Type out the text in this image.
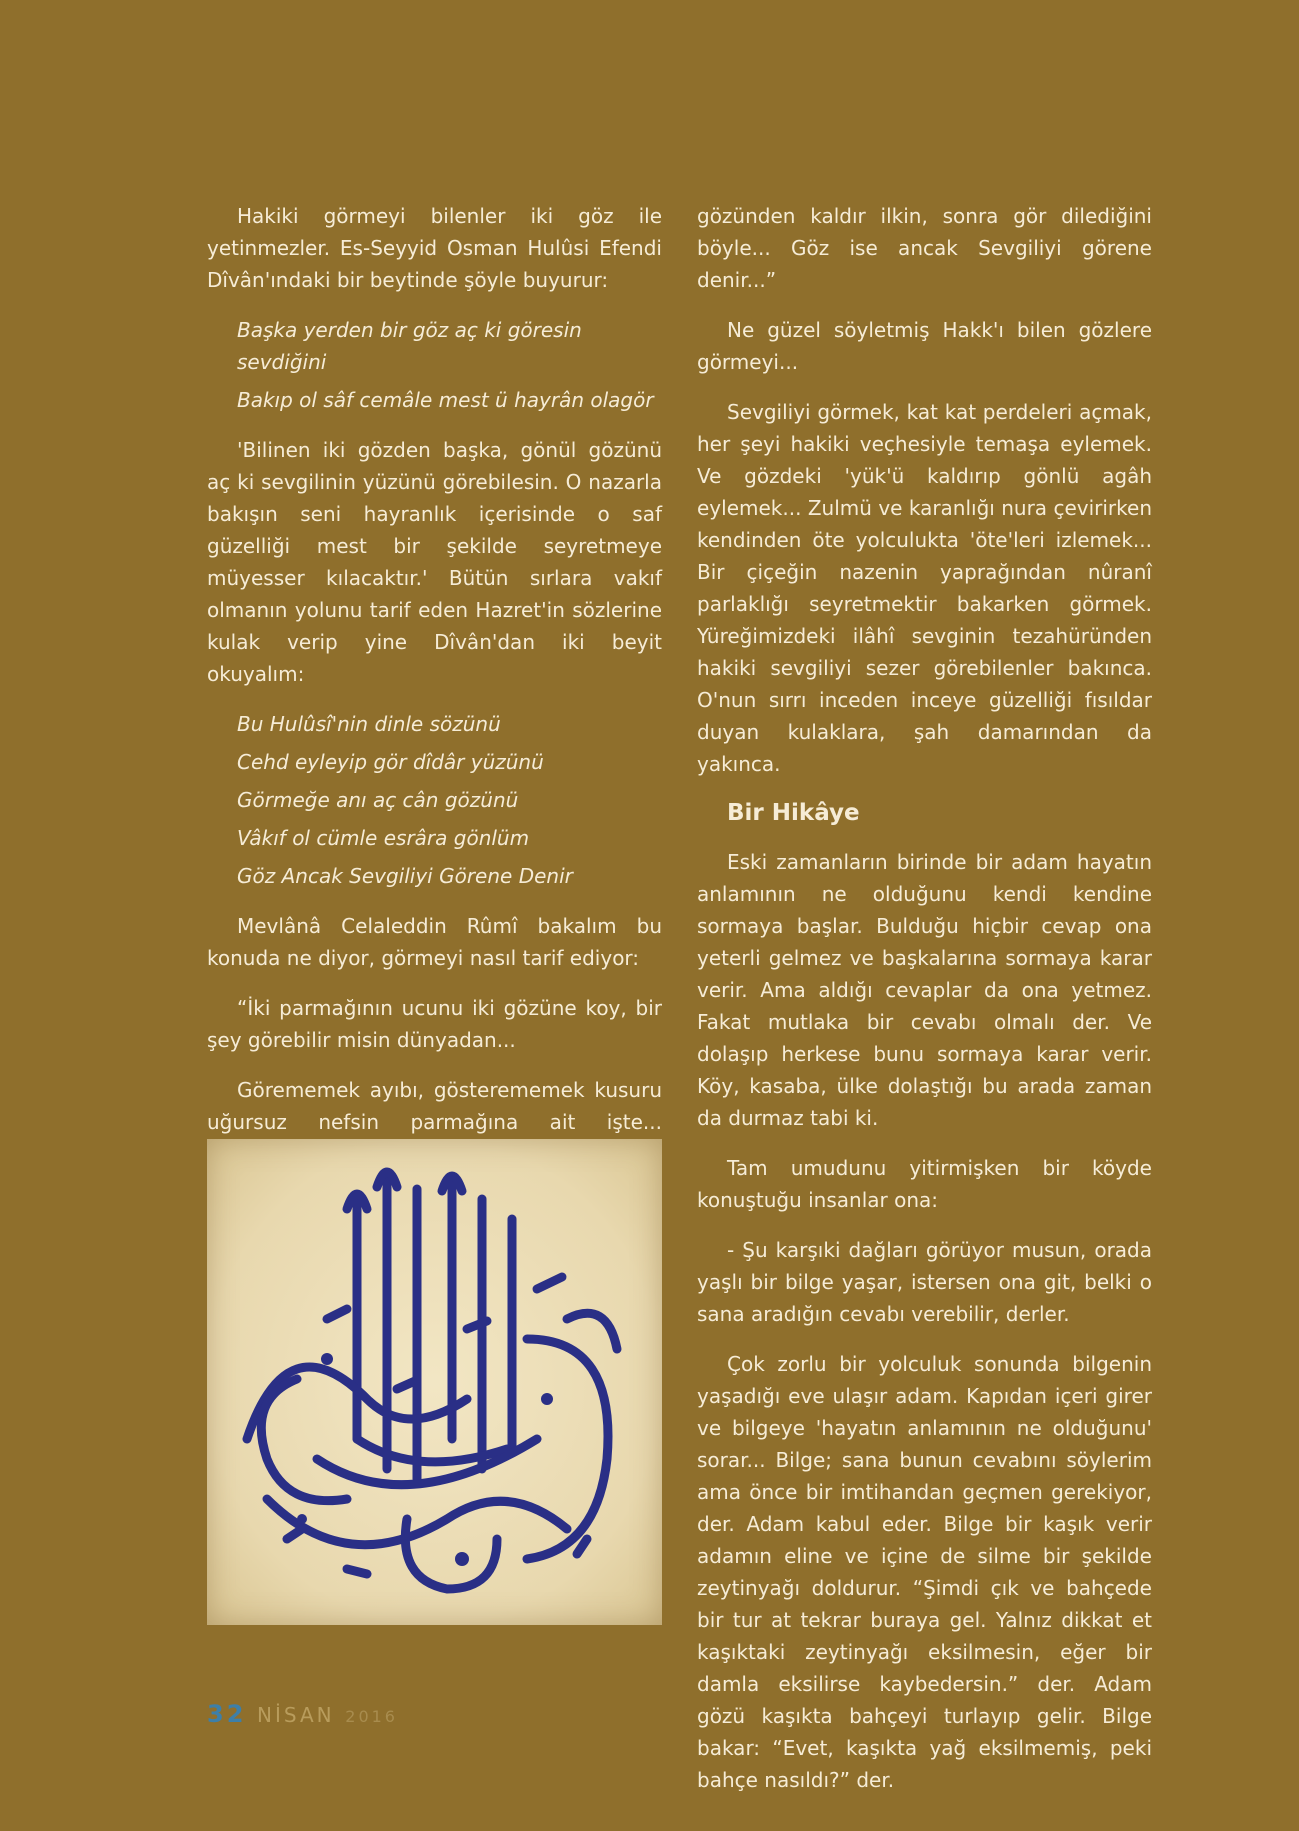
Hakiki görmeyi bilenler iki göz ile yetinmezler. Es-Seyyid Osman Hulûsi Efendi Dîvân'ındaki bir beytinde şöyle buyurur:

Başka yerden bir göz aç ki göresin sevdiğini

Bakıp ol sâf cemâle mest ü hayrân olagör

'Bilinen iki gözden başka, gönül gözünü aç ki sevgilinin yüzünü görebilesin. O nazarla bakışın seni hayranlık içerisinde o saf güzelliği mest bir şekilde seyretmeye müyesser kılacaktır.' Bütün sırlara vakıf olmanın yolunu tarif eden Hazret'in sözlerine kulak verip yine Dîvân'dan iki beyit okuyalım:

Bu Hulûsî'nin dinle sözünü

Cehd eyleyip gör dîdâr yüzünü

Görmeğe anı aç cân gözünü

Vâkıf ol cümle esrâra gönlüm

Göz Ancak Sevgiliyi Görene Denir

Mevlânâ Celaleddin Rûmî bakalım bu konuda ne diyor, görmeyi nasıl tarif ediyor:

“İki parmağının ucunu iki gözüne koy, bir şey görebilir misin dünyadan...

Görememek ayıbı, gösterememek kusuru uğursuz nefsin parmağına ait işte...

gözünden kaldır ilkin, sonra gör dilediğini böyle... Göz ise ancak Sevgiliyi görene denir...”

Ne güzel söyletmiş Hakk'ı bilen gözlere görmeyi...

Sevgiliyi görmek, kat kat perdeleri açmak, her şeyi hakiki veçhesiyle temaşa eylemek. Ve gözdeki 'yük'ü kaldırıp gönlü agâh eylemek... Zulmü ve karanlığı nura çevirirken kendinden öte yolculukta 'öte'leri izlemek... Bir çiçeğin nazenin yaprağından nûranî parlaklığı seyretmektir bakarken görmek. Yüreğimizdeki ilâhî sevginin tezahüründen hakiki sevgiliyi sezer görebilenler bakınca. O'nun sırrı inceden inceye güzelliği fısıldar duyan kulaklara, şah damarından da yakınca.

Bir Hikâye

Eski zamanların birinde bir adam hayatın anlamının ne olduğunu kendi kendine sormaya başlar. Bulduğu hiçbir cevap ona yeterli gelmez ve başkalarına sormaya karar verir. Ama aldığı cevaplar da ona yetmez. Fakat mutlaka bir cevabı olmalı der. Ve dolaşıp herkese bunu sormaya karar verir. Köy, kasaba, ülke dolaştığı bu arada zaman da durmaz tabi ki.

Tam umudunu yitirmişken bir köyde konuştuğu insanlar ona:

- Şu karşıki dağları görüyor musun, orada yaşlı bir bilge yaşar, istersen ona git, belki o sana aradığın cevabı verebilir, derler.

Çok zorlu bir yolculuk sonunda bilgenin yaşadığı eve ulaşır adam. Kapıdan içeri girer ve bilgeye 'hayatın anlamının ne olduğunu' sorar... Bilge; sana bunun cevabını söylerim ama önce bir imtihandan geçmen gerekiyor, der. Adam kabul eder. Bilge bir kaşık verir adamın eline ve içine de silme bir şekilde zeytinyağı doldurur. “Şimdi çık ve bahçede bir tur at tekrar buraya gel. Yalnız dikkat et kaşıktaki zeytinyağı eksilmesin, eğer bir damla eksilirse kaybedersin.” der. Adam gözü kaşıkta bahçeyi turlayıp gelir. Bilge bakar: “Evet, kaşıkta yağ eksilmemiş, peki bahçe nasıldı?” der.

32 NİSAN 2016
